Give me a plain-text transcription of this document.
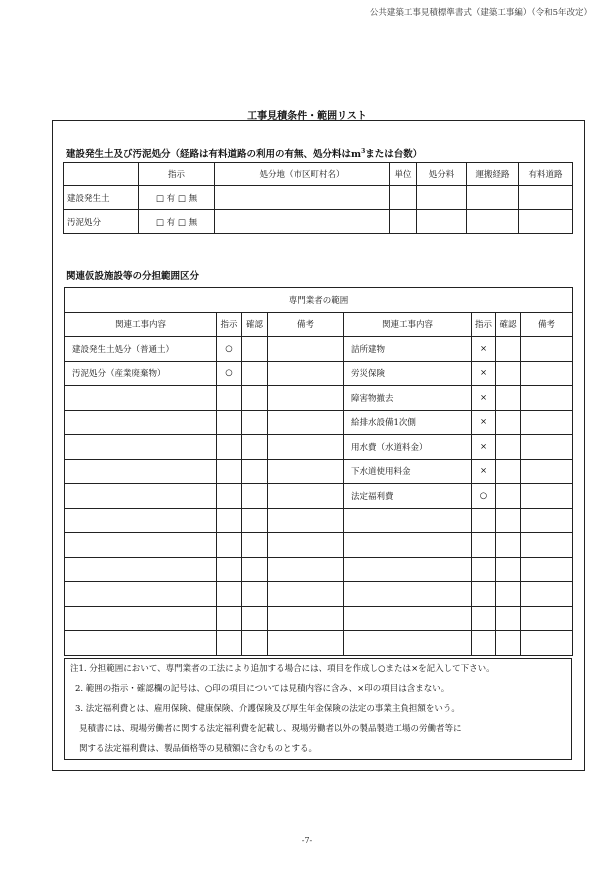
公共建築工事見積標準書式（建築工事編）（令和5年改定）
工事見積条件・範囲リスト
建設発生土及び汚泥処分（経路は有料道路の利用の有無、処分料は$m^3$または台数）
	指示	処分地（市区町村名）	単位	処分料	運搬経路	有料道路
建設発生土	□ 有 □ 無					
汚泥処分	□ 有 □ 無					
関連仮設施設等の分担範囲区分
専門業者の範囲							
関連工事内容	指示	確認	備考	関連工事内容	指示	確認	備考
建設発生土処分（普通土）	○			詰所建物	×		
汚泥処分（産業廃棄物）	○			労災保険	×		
				障害物撤去	×		
				給排水設備1次側	×		
				用水費（水道料金）	×		
				下水道使用料金	×		
				法定福利費	○		

注1. 分担範囲において、専門業者の工法により追加する場合には、項目を作成し○または×を記入して下さい。
2. 範囲の指示・確認欄の記号は、○印の項目については見積内容に含み、×印の項目は含まない。
3. 法定福利費とは、雇用保険、健康保険、介護保険及び厚生年金保険の法定の事業主負担額をいう。
見積書には、現場労働者に関する法定福利費を記載し、現場労働者以外の製品製造工場の労働者等に
関する法定福利費は、製品価格等の見積額に含むものとする。
-7-
